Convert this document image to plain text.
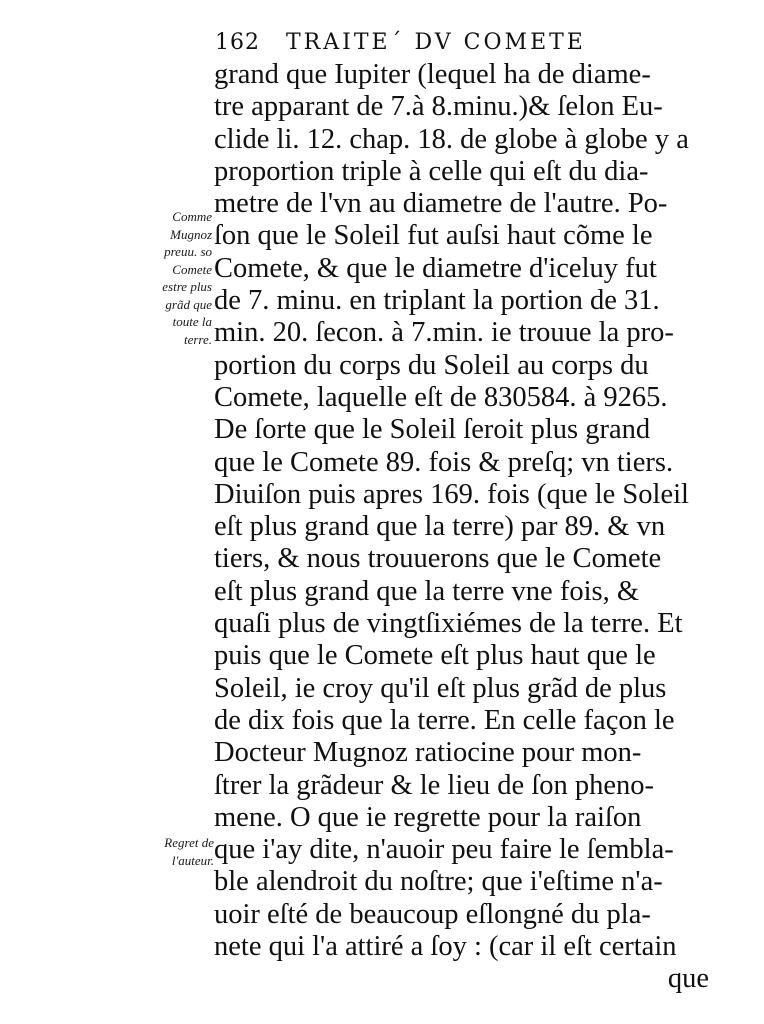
162 TRAITE´ DV COMETE
Comme
Mugnoz
preuu. so
Comete
estre plus
grãd que
toute la
terre.
Regret de
l'auteur.
grand que Iupiter (lequel ha de diame-
tre apparant de 7.à 8.minu.)& ſelon Eu-
clide li. 12. chap. 18. de globe à globe y a
proportion triple à celle qui eſt du dia-
metre de l'vn au diametre de l'autre. Po-
ſon que le Soleil fut auſsi haut cõme le
Comete, & que le diametre d'iceluy fut
de 7. minu. en triplant la portion de 31.
min. 20. ſecon. à 7.min. ie trouue la pro-
portion du corps du Soleil au corps du
Comete, laquelle eſt de 830584. à 9265.
De ſorte que le Soleil ſeroit plus grand
que le Comete 89. fois & preſq; vn tiers.
Diuiſon puis apres 169. fois (que le Soleil
eſt plus grand que la terre) par 89. & vn
tiers, & nous trouuerons que le Comete
eſt plus grand que la terre vne fois, &
quaſi plus de vingtſixiémes de la terre. Et
puis que le Comete eſt plus haut que le
Soleil, ie croy qu'il eſt plus grãd de plus
de dix fois que la terre. En celle façon le
Docteur Mugnoz ratiocine pour mon-
ſtrer la grãdeur & le lieu de ſon pheno-
mene. O que ie regrette pour la raiſon
que i'ay dite, n'auoir peu faire le ſembla-
ble alendroit du noſtre; que i'eſtime n'a-
uoir eſté de beaucoup eſlongné du pla-
nete qui l'a attiré a ſoy : (car il eſt certain
que
